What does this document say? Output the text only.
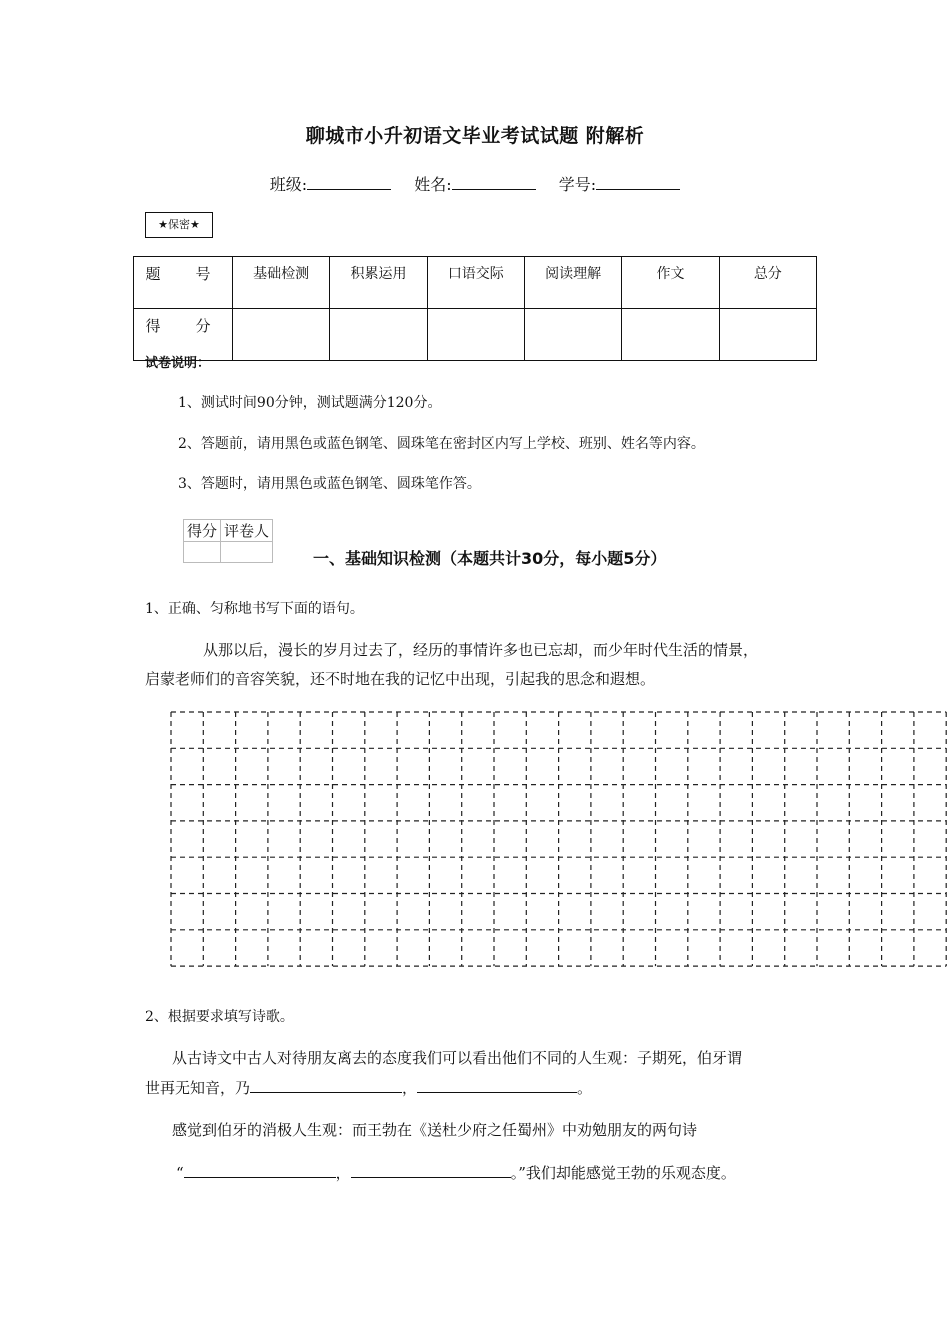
聊城市小升初语文毕业考试试题 附解析
班级:	姓名:	学号:
★保密★
题　号	基础检测	积累运用	口语交际	阅读理解	作文	总分
得　分						
试卷说明：
1、测试时间90分钟，测试题满分120分。
2、答题前，请用黑色或蓝色钢笔、圆珠笔在密封区内写上学校、班别、姓名等内容。
3、答题时，请用黑色或蓝色钢笔、圆珠笔作答。
得分	评卷人

一、基础知识检测（本题共计30分，每小题5分）
1、正确、匀称地书写下面的语句。
从那以后，漫长的岁月过去了，经历的事情许多也已忘却，而少年时代生活的情景，
启蒙老师们的音容笑貌，还不时地在我的记忆中出现，引起我的思念和遐想。
2、根据要求填写诗歌。
从古诗文中古人对待朋友离去的态度我们可以看出他们不同的人生观：子期死，伯牙谓
世再无知音，乃	，	。
感觉到伯牙的消极人生观：而王勃在《送杜少府之任蜀州》中劝勉朋友的两句诗
“	，	。”我们却能感觉王勃的乐观态度。
